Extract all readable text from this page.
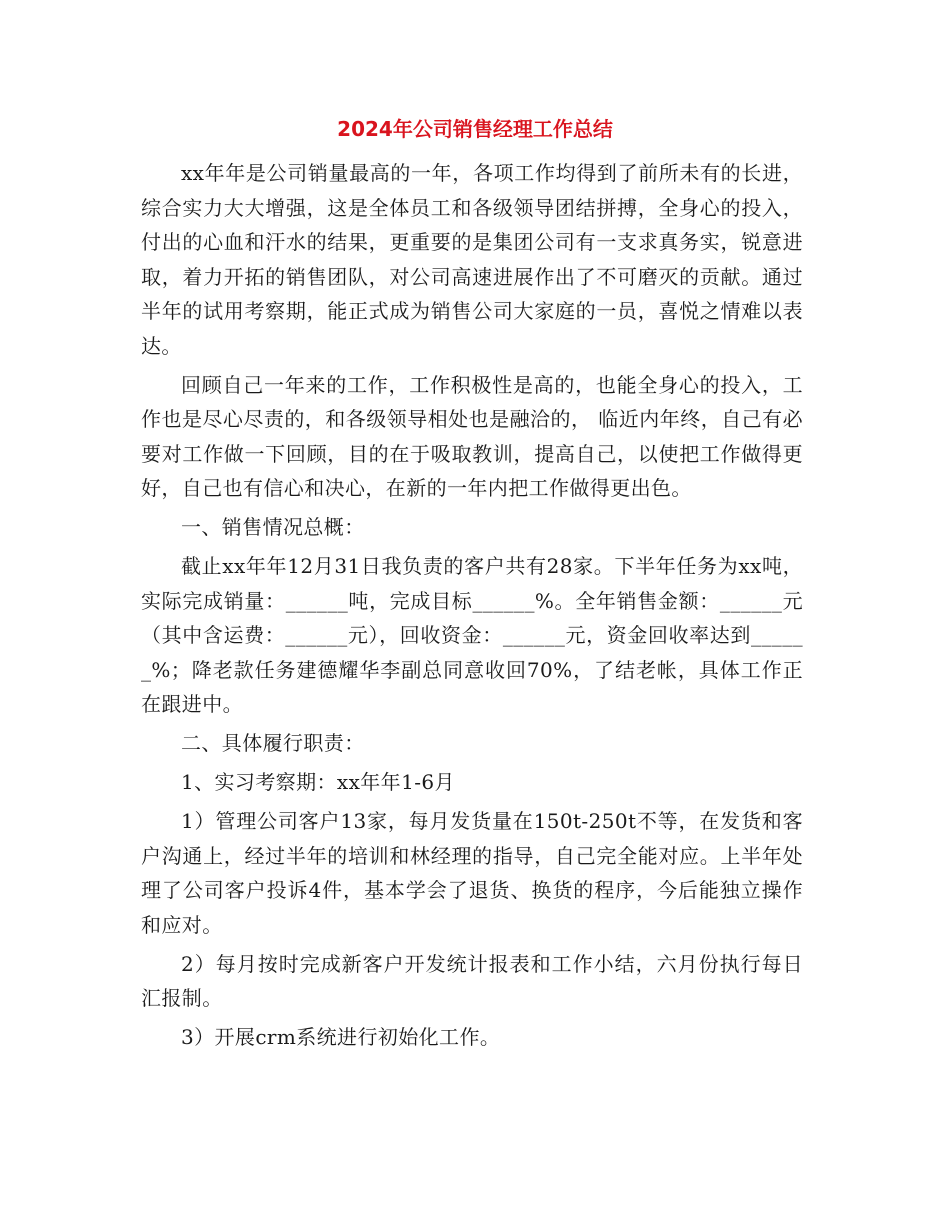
2024年公司销售经理工作总结

xx年年是公司销量最高的一年，各项工作均得到了前所未有的长进，综合实力大大增强，这是全体员工和各级领导团结拼搏，全身心的投入，付出的心血和汗水的结果，更重要的是集团公司有一支求真务实，锐意进取，着力开拓的销售团队，对公司高速进展作出了不可磨灭的贡献。通过半年的试用考察期，能正式成为销售公司大家庭的一员，喜悦之情难以表达。

回顾自己一年来的工作，工作积极性是高的，也能全身心的投入，工作也是尽心尽责的，和各级领导相处也是融洽的， 临近内年终，自己有必要对工作做一下回顾，目的在于吸取教训，提高自己，以使把工作做得更好，自己也有信心和决心，在新的一年内把工作做得更出色。

一、销售情况总概：

截止xx年年12月31日我负责的客户共有28家。下半年任务为xx吨，实际完成销量：______吨，完成目标______%。全年销售金额：______元（其中含运费：______元），回收资金：______元，资金回收率达到______%；降老款任务建德耀华李副总同意收回70%，了结老帐，具体工作正在跟进中。

二、具体履行职责：

1、实习考察期：xx年年1-6月

1）管理公司客户13家，每月发货量在150t-250t不等，在发货和客户沟通上，经过半年的培训和林经理的指导，自己完全能对应。上半年处理了公司客户投诉4件，基本学会了退货、换货的程序，今后能独立操作和应对。

2）每月按时完成新客户开发统计报表和工作小结，六月份执行每日汇报制。

3）开展crm系统进行初始化工作。
